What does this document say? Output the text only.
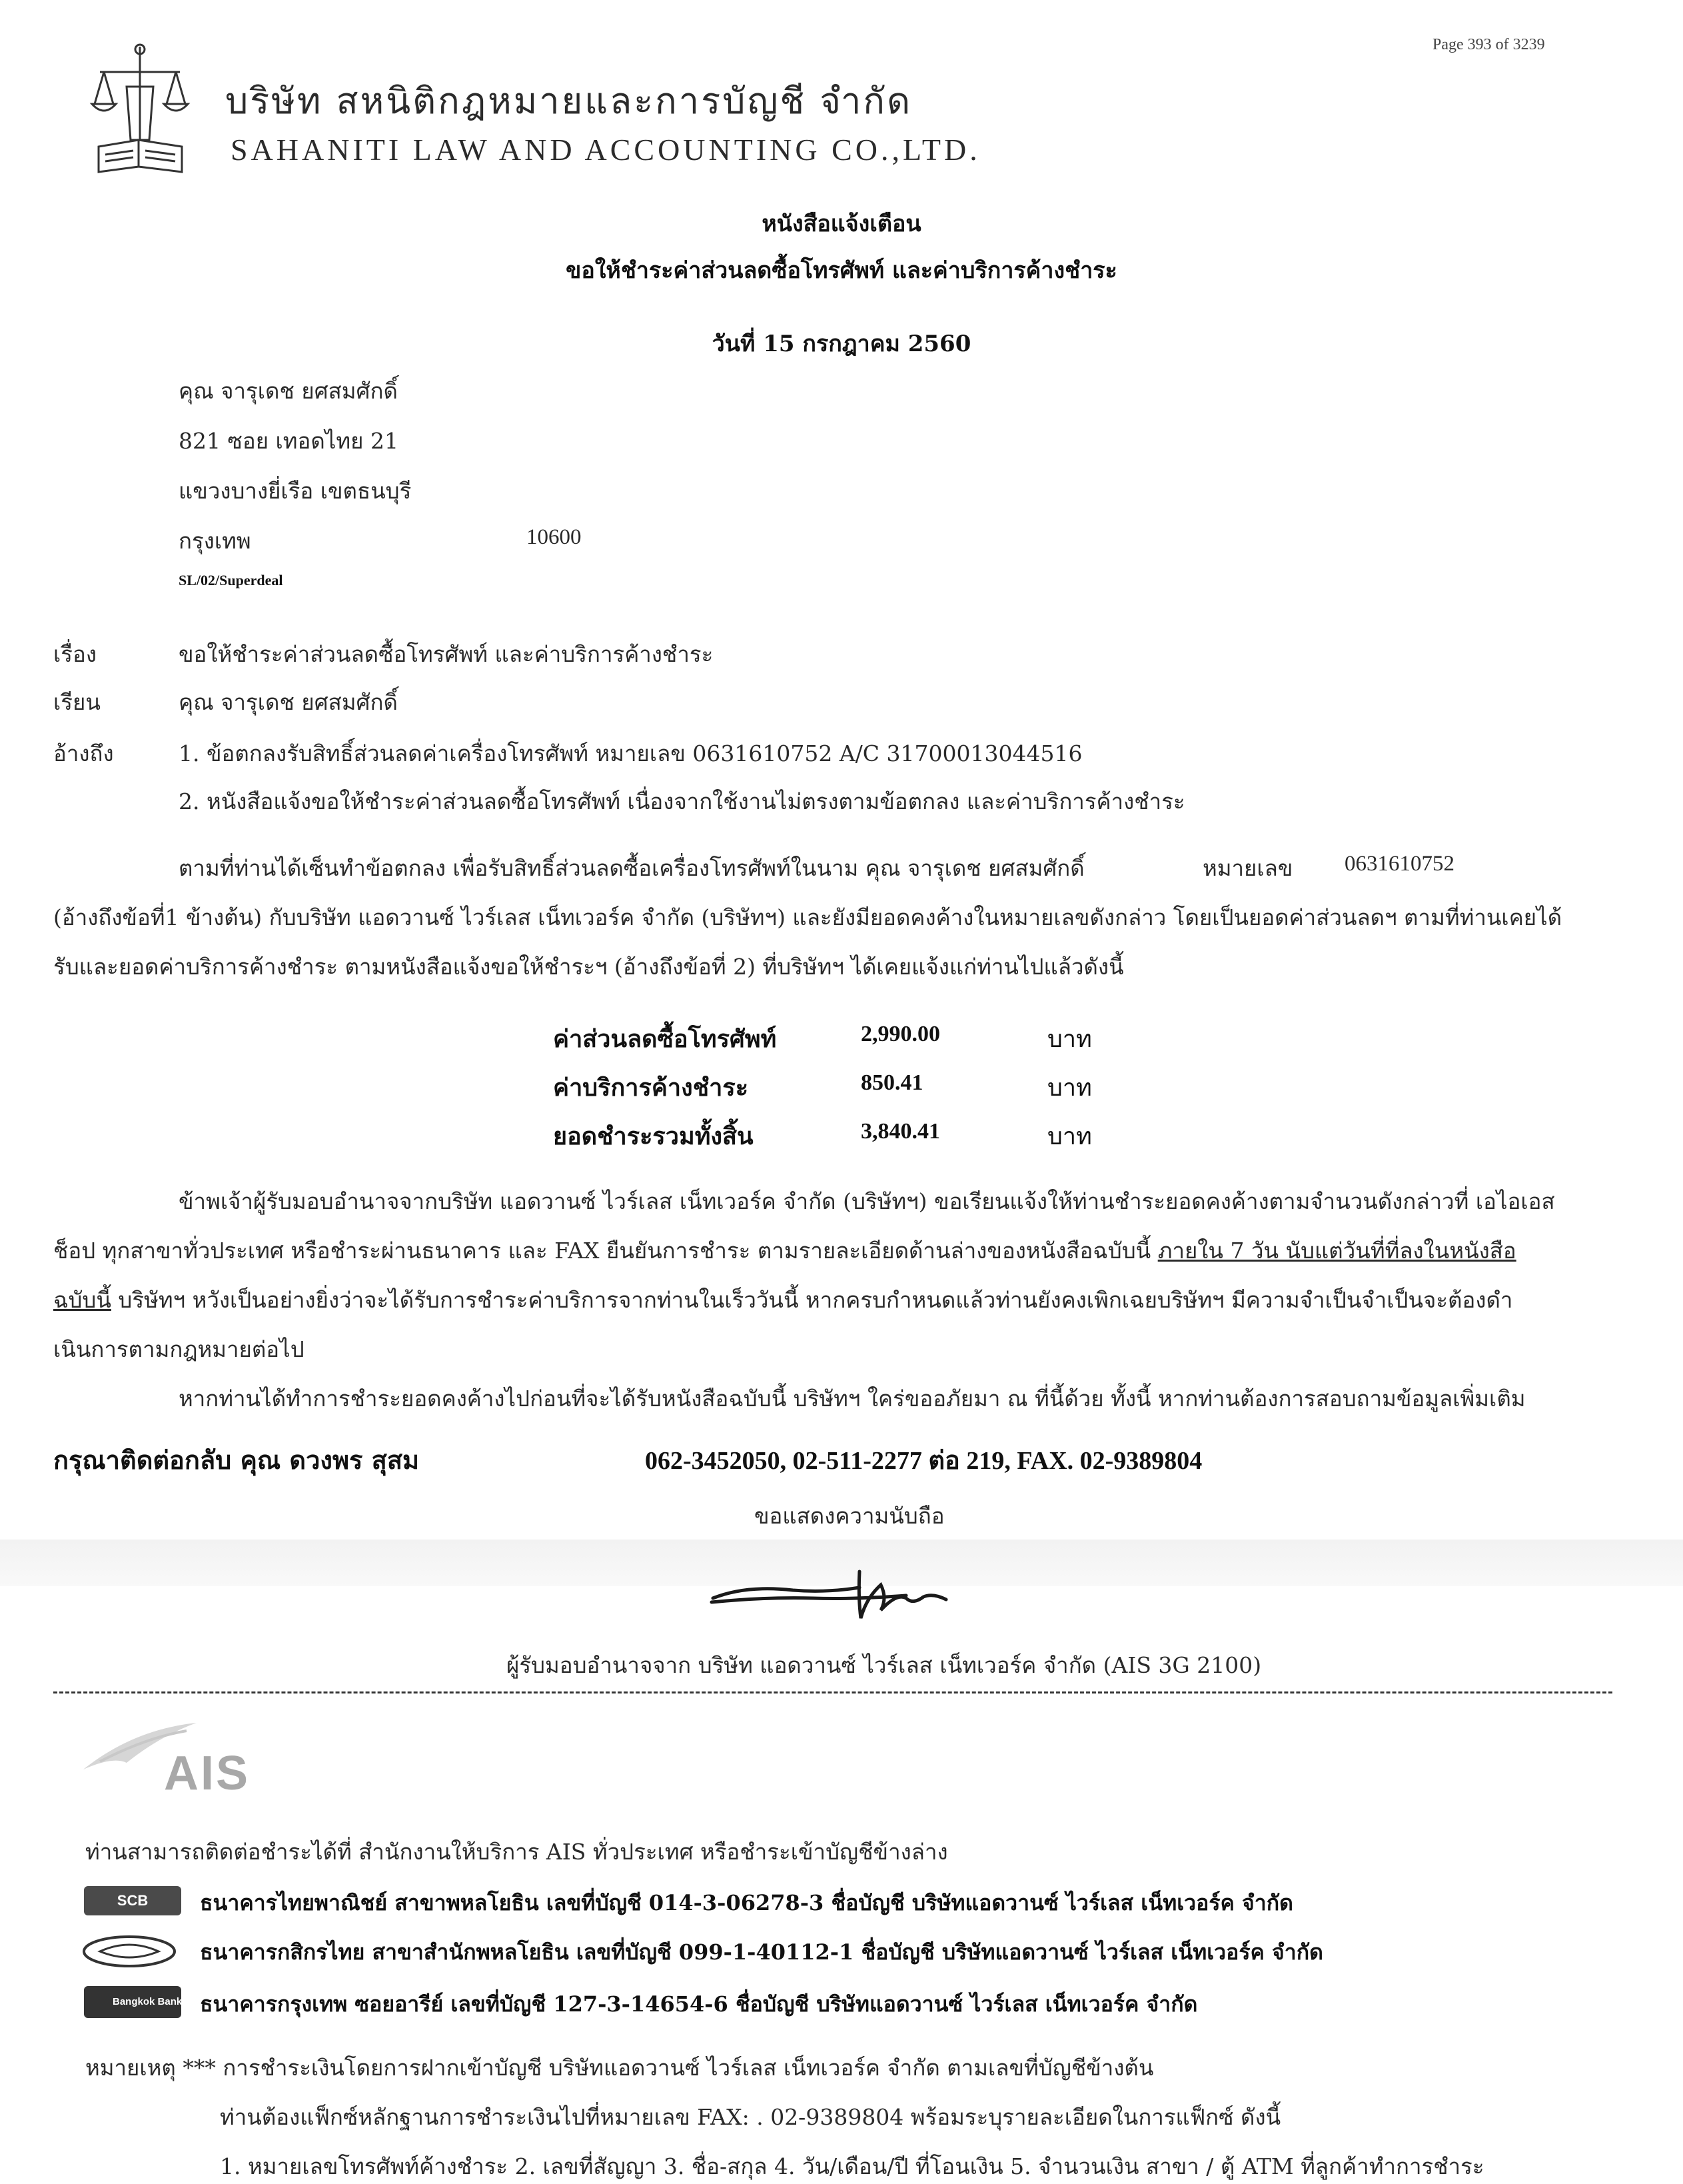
Page 393 of 3239
บริษัท สหนิติกฎหมายและการบัญชี จำกัด
SAHANITI LAW AND ACCOUNTING CO.,LTD.
หนังสือแจ้งเตือน
ขอให้ชำระค่าส่วนลดซื้อโทรศัพท์ และค่าบริการค้างชำระ
วันที่ 15 กรกฎาคม 2560
คุณ จารุเดช ยศสมศักดิ์
821 ซอย เทอดไทย 21
แขวงบางยี่เรือ เขตธนบุรี
กรุงเทพ	10600
SL/02/Superdeal
เรื่อง	ขอให้ชำระค่าส่วนลดซื้อโทรศัพท์ และค่าบริการค้างชำระ
เรียน	คุณ จารุเดช ยศสมศักดิ์
อ้างถึง	1. ข้อตกลงรับสิทธิ์ส่วนลดค่าเครื่องโทรศัพท์ หมายเลข 0631610752 A/C 31700013044516
2. หนังสือแจ้งขอให้ชำระค่าส่วนลดซื้อโทรศัพท์ เนื่องจากใช้งานไม่ตรงตามข้อตกลง และค่าบริการค้างชำระ
ตามที่ท่านได้เซ็นทำข้อตกลง เพื่อรับสิทธิ์ส่วนลดซื้อเครื่องโทรศัพท์ในนาม คุณ จารุเดช ยศสมศักดิ์	หมายเลข 0631610752
(อ้างถึงข้อที่1 ข้างต้น) กับบริษัท แอดวานซ์ ไวร์เลส เน็ทเวอร์ค จำกัด (บริษัทฯ) และยังมียอดคงค้างในหมายเลขดังกล่าว โดยเป็นยอดค่าส่วนลดฯ ตามที่ท่านเคยได้
รับและยอดค่าบริการค้างชำระ ตามหนังสือแจ้งขอให้ชำระฯ (อ้างถึงข้อที่ 2) ที่บริษัทฯ ได้เคยแจ้งแก่ท่านไปแล้วดังนี้
ค่าส่วนลดซื้อโทรศัพท์	2,990.00	บาท
ค่าบริการค้างชำระ	850.41	บาท
ยอดชำระรวมทั้งสิ้น	3,840.41	บาท
ข้าพเจ้าผู้รับมอบอำนาจจากบริษัท แอดวานซ์ ไวร์เลส เน็ทเวอร์ค จำกัด (บริษัทฯ) ขอเรียนแจ้งให้ท่านชำระยอดคงค้างตามจำนวนดังกล่าวที่ เอไอเอส
ช็อป ทุกสาขาทั่วประเทศ หรือชำระผ่านธนาคาร และ FAX ยืนยันการชำระ ตามรายละเอียดด้านล่างของหนังสือฉบับนี้ ภายใน 7 วัน นับแต่วันที่ที่ลงในหนังสือ
ฉบับนี้ บริษัทฯ หวังเป็นอย่างยิ่งว่าจะได้รับการชำระค่าบริการจากท่านในเร็ววันนี้ หากครบกำหนดแล้วท่านยังคงเพิกเฉยบริษัทฯ มีความจำเป็นจำเป็นจะต้องดำ
เนินการตามกฎหมายต่อไป
หากท่านได้ทำการชำระยอดคงค้างไปก่อนที่จะได้รับหนังสือฉบับนี้ บริษัทฯ ใคร่ขออภัยมา ณ ที่นี้ด้วย ทั้งนี้ หากท่านต้องการสอบถามข้อมูลเพิ่มเติม
กรุณาติดต่อกลับ คุณ ดวงพร สุสม	062-3452050, 02-511-2277 ต่อ 219, FAX. 02-9389804
ขอแสดงความนับถือ
ผู้รับมอบอำนาจจาก บริษัท แอดวานซ์ ไวร์เลส เน็ทเวอร์ค จำกัด (AIS 3G 2100)
AIS
ท่านสามารถติดต่อชำระได้ที่ สำนักงานให้บริการ AIS ทั่วประเทศ หรือชำระเข้าบัญชีข้างล่าง
SCB ธนาคารไทยพาณิชย์ สาขาพหลโยธิน เลขที่บัญชี 014-3-06278-3 ชื่อบัญชี บริษัทแอดวานซ์ ไวร์เลส เน็ทเวอร์ค จำกัด
ธนาคารกสิกรไทย สาขาสำนักพหลโยธิน เลขที่บัญชี 099-1-40112-1 ชื่อบัญชี บริษัทแอดวานซ์ ไวร์เลส เน็ทเวอร์ค จำกัด
Bangkok Bank ธนาคารกรุงเทพ ซอยอารีย์ เลขที่บัญชี 127-3-14654-6 ชื่อบัญชี บริษัทแอดวานซ์ ไวร์เลส เน็ทเวอร์ค จำกัด
หมายเหตุ *** การชำระเงินโดยการฝากเข้าบัญชี บริษัทแอดวานซ์ ไวร์เลส เน็ทเวอร์ค จำกัด ตามเลขที่บัญชีข้างต้น
ท่านต้องแฟ็กซ์หลักฐานการชำระเงินไปที่หมายเลข FAX: . 02-9389804 พร้อมระบุรายละเอียดในการแฟ็กซ์ ดังนี้
1. หมายเลขโทรศัพท์ค้างชำระ 2. เลขที่สัญญา 3. ชื่อ-สกุล 4. วัน/เดือน/ปี ที่โอนเงิน 5. จำนวนเงิน สาขา / ตู้ ATM ที่ลูกค้าทำการชำระ
